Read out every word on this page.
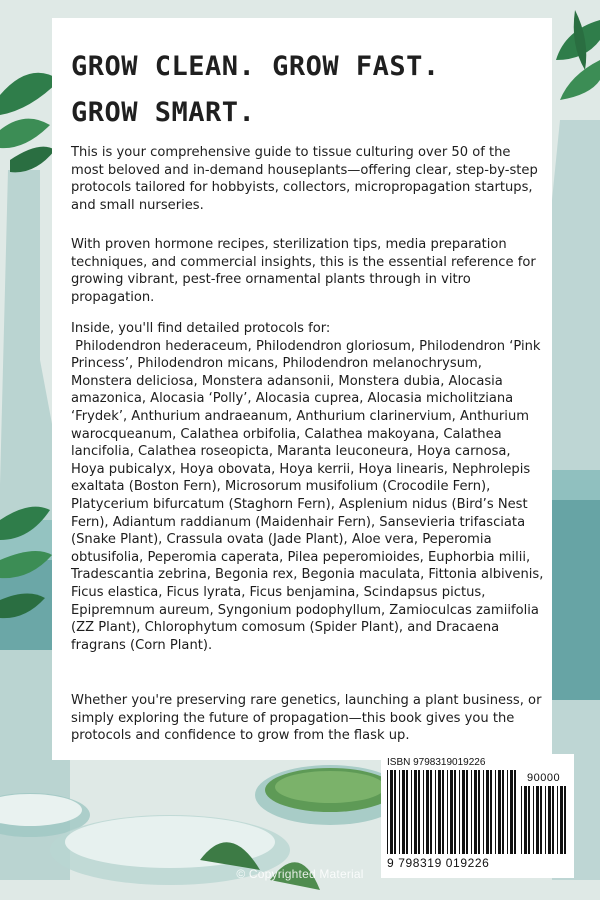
GROW CLEAN. GROW FAST.
GROW SMART.

This is your comprehensive guide to tissue culturing over 50 of the most beloved and in-demand houseplants—offering clear, step-by-step protocols tailored for hobbyists, collectors, micropropagation startups, and small nurseries.

With proven hormone recipes, sterilization tips, media preparation techniques, and commercial insights, this is the essential reference for growing vibrant, pest-free ornamental plants through in vitro propagation.

Inside, you'll find detailed protocols for:
Philodendron hederaceum, Philodendron gloriosum, Philodendron ‘Pink Princess’, Philodendron micans, Philodendron melanochrysum, Monstera deliciosa, Monstera adansonii, Monstera dubia, Alocasia amazonica, Alocasia ‘Polly’, Alocasia cuprea, Alocasia micholitziana ‘Frydek’, Anthurium andraeanum, Anthurium clarinervium, Anthurium warocqueanum, Calathea orbifolia, Calathea makoyana, Calathea lancifolia, Calathea roseopicta, Maranta leuconeura, Hoya carnosa, Hoya pubicalyx, Hoya obovata, Hoya kerrii, Hoya linearis, Nephrolepis exaltata (Boston Fern), Microsorum musifolium (Crocodile Fern), Platycerium bifurcatum (Staghorn Fern), Asplenium nidus (Bird’s Nest Fern), Adiantum raddianum (Maidenhair Fern), Sansevieria trifasciata (Snake Plant), Crassula ovata (Jade Plant), Aloe vera, Peperomia obtusifolia, Peperomia caperata, Pilea peperomioides, Euphorbia milii, Tradescantia zebrina, Begonia rex, Begonia maculata, Fittonia albivenis, Ficus elastica, Ficus lyrata, Ficus benjamina, Scindapsus pictus, Epipremnum aureum, Syngonium podophyllum, Zamioculcas zamiifolia (ZZ Plant), Chlorophytum comosum (Spider Plant), and Dracaena fragrans (Corn Plant).

Whether you're preserving rare genetics, launching a plant business, or simply exploring the future of propagation—this book gives you the protocols and confidence to grow from the flask up.

ISBN 9798319019226
90000
9 798319 019226
© Copyrighted Material
